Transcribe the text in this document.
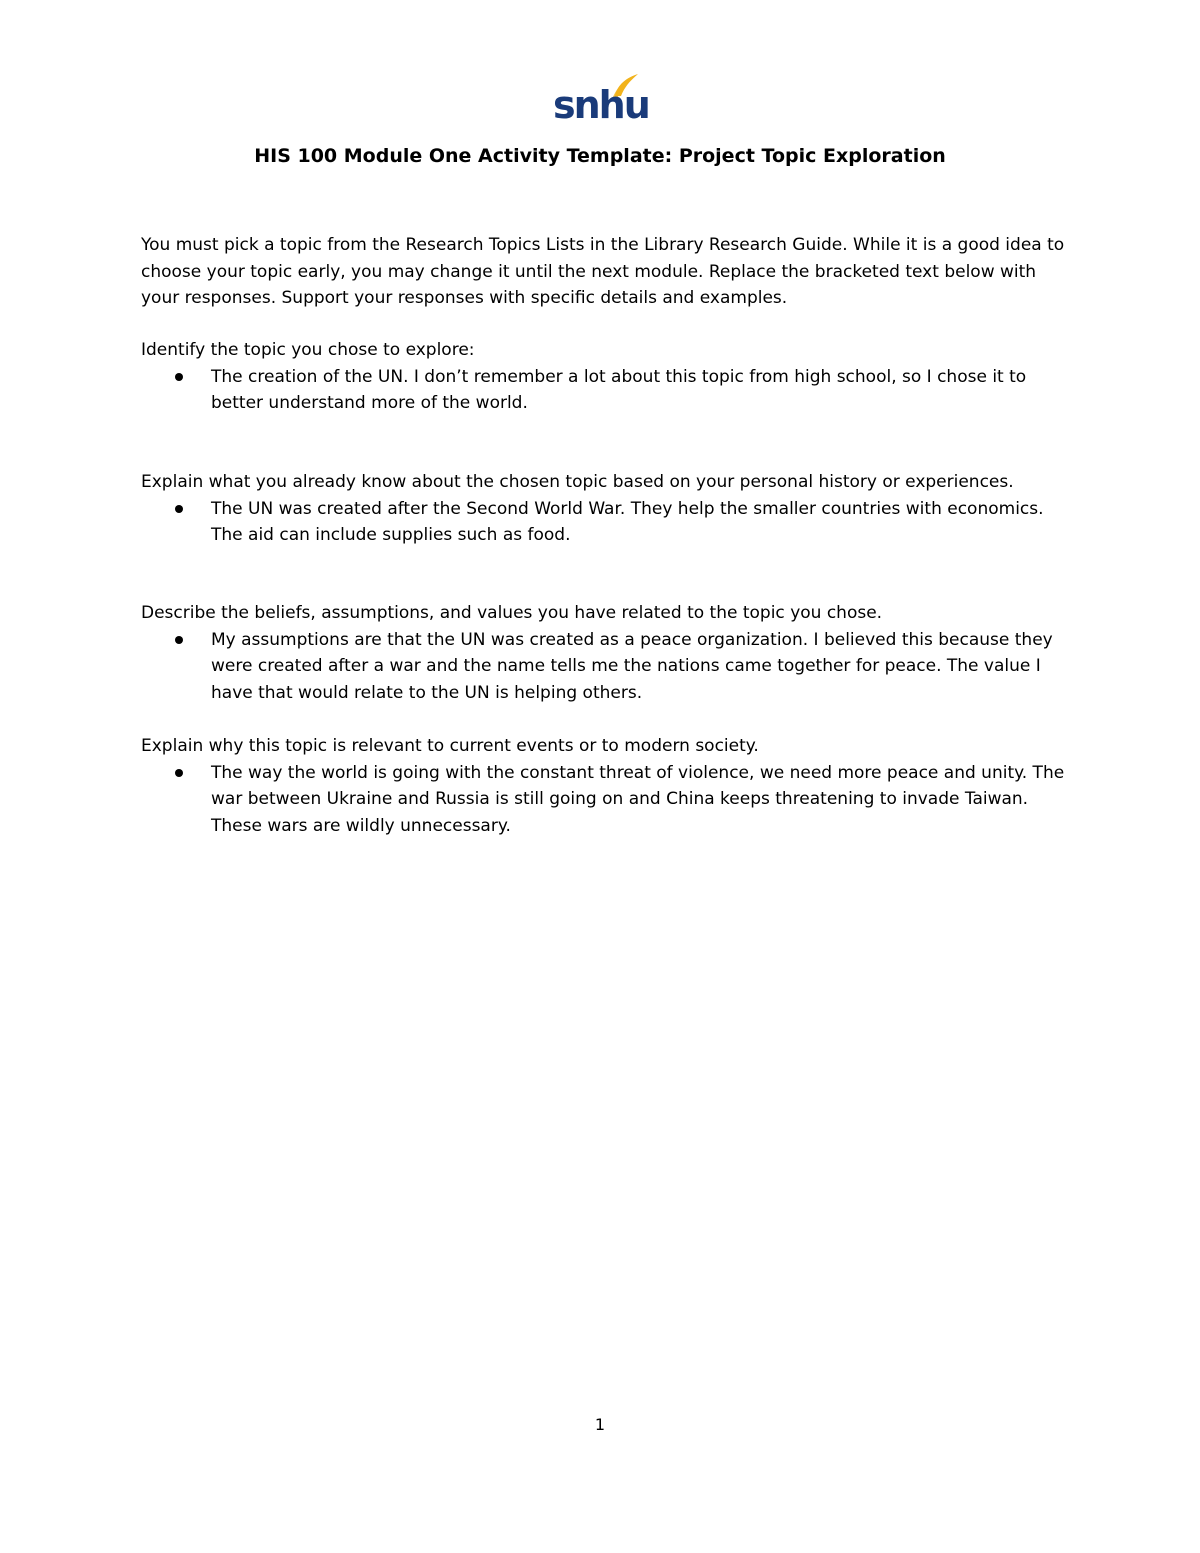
snhu
HIS 100 Module One Activity Template: Project Topic Exploration

You must pick a topic from the Research Topics Lists in the Library Research Guide. While it is a good idea to choose your topic early, you may change it until the next module. Replace the bracketed text below with your responses. Support your responses with specific details and examples.

Identify the topic you chose to explore:

The creation of the UN. I don’t remember a lot about this topic from high school, so I chose it to better understand more of the world.

Explain what you already know about the chosen topic based on your personal history or experiences.

The UN was created after the Second World War. They help the smaller countries with economics. The aid can include supplies such as food.

Describe the beliefs, assumptions, and values you have related to the topic you chose.

My assumptions are that the UN was created as a peace organization. I believed this because they were created after a war and the name tells me the nations came together for peace. The value I have that would relate to the UN is helping others.

Explain why this topic is relevant to current events or to modern society.

The way the world is going with the constant threat of violence, we need more peace and unity. The war between Ukraine and Russia is still going on and China keeps threatening to invade Taiwan. These wars are wildly unnecessary.

1
